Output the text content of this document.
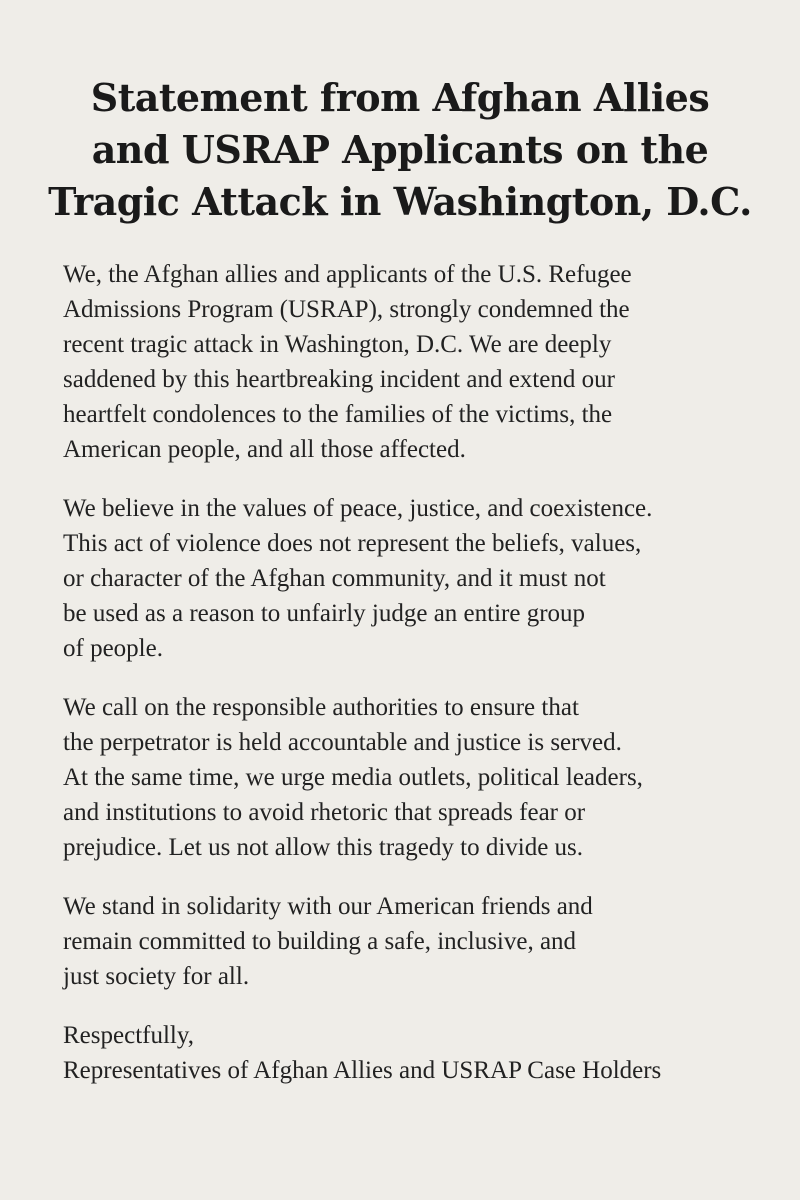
Statement from Afghan Allies
and USRAP Applicants on the
Tragic Attack in Washington, D.C.

We, the Afghan allies and applicants of the U.S. Refugee
Admissions Program (USRAP), strongly condemned the
recent tragic attack in Washington, D.C. We are deeply
saddened by this heartbreaking incident and extend our
heartfelt condolences to the families of the victims, the
American people, and all those affected.

We believe in the values of peace, justice, and coexistence.
This act of violence does not represent the beliefs, values,
or character of the Afghan community, and it must not
be used as a reason to unfairly judge an entire group
of people.

We call on the responsible authorities to ensure that
the perpetrator is held accountable and justice is served.
At the same time, we urge media outlets, political leaders,
and institutions to avoid rhetoric that spreads fear or
prejudice. Let us not allow this tragedy to divide us.

We stand in solidarity with our American friends and
remain committed to building a safe, inclusive, and
just society for all.

Respectfully,
Representatives of Afghan Allies and USRAP Case Holders
